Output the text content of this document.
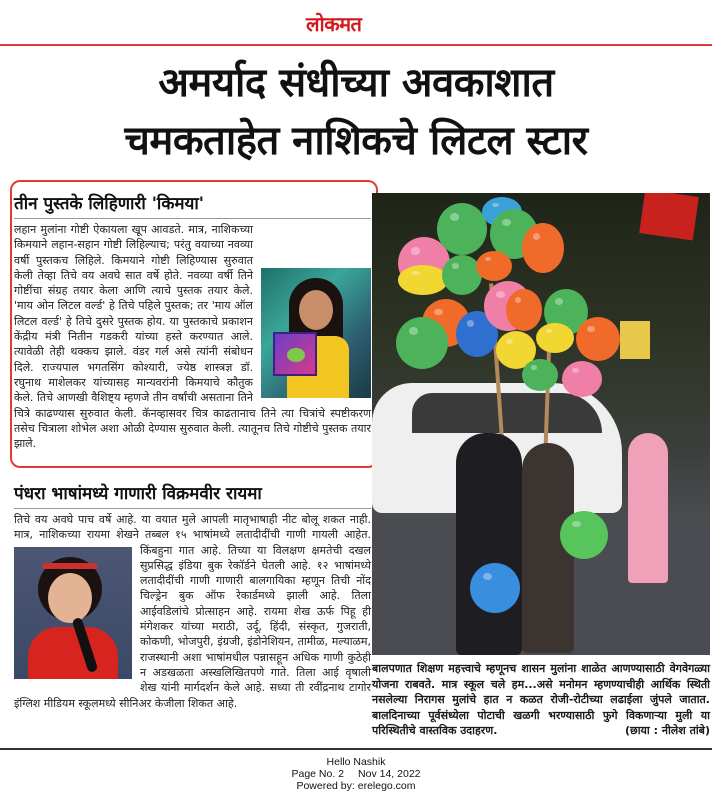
लोकमत
अमर्याद संधीच्या अवकाशात
चमकताहेत नाशिकचे लिटल स्टार
तीन पुस्तके लिहिणारी 'किमया'
लहान मुलांना गोष्टी ऐकायला खूप आवडते. मात्र, नाशिकच्या किमयाने लहान-सहान गोष्टी लिहिल्याच; परंतु वयाच्या नवव्या वर्षी पुस्तकच लिहिले. किमयाने गोष्टी लिहिण्यास सुरुवात केली तेव्हा तिचे वय अवघे सात वर्षे होते. नवव्या वर्षी तिने गोष्टींचा संग्रह तयार केला आणि त्याचे पुस्तक तयार केले. 'माय ओन लिटल वर्ल्ड' हे तिचे पहिले पुस्तक; तर 'माय ऑल लिटल वर्ल्ड' हे तिचे दुसरे पुस्तक होय. या पुस्तकाचे प्रकाशन केंद्रीय मंत्री नितीन गडकरी यांच्या हस्ते करण्यात आले. त्यावेळी तेही थक्कच झाले. वंडर गर्ल असे त्यांनी संबोधन दिले. राज्यपाल भगतसिंग कोश्यारी, ज्येष्ठ शास्त्रज्ञ डॉ. रघुनाथ माशेलकर यांच्यासह मान्यवरांनी किमयाचे कौतुक केले. तिचे आणखी वैशिष्ट्य म्हणजे तीन वर्षांची असताना तिने चित्रे काढण्यास सुरुवात केली. कॅनव्हासवर चित्र काढतानाच तिने त्या चित्रांचे स्पष्टीकरण तसेच चित्राला शोभेल अशा ओळी देण्यास सुरुवात केली. त्यातूनच तिचे गोष्टीचे पुस्तक तयार झाले.
पंधरा भाषांमध्ये गाणारी विक्रमवीर रायमा
तिचे वय अवघे पाच वर्षे आहे. या वयात मुले आपली मातृभाषाही नीट बोलू शकत नाही. मात्र, नाशिकच्या रायमा शेखने तब्बल १५ भाषांमध्ये लतादीदींची गाणी गायली आहेत. किंबहुना गात आहे. तिच्या या विलक्षण क्षमतेची दखल सुप्रसिद्ध इंडिया बुक रेकॉर्डने घेतली आहे. १२ भाषांमध्ये लतादीदींची गाणी गाणारी बालगायिका म्हणून तिची नोंद चिल्ड्रेन बुक ऑफ रेकार्डमध्ये झाली आहे. तिला आईवडिलांचे प्रोत्साहन आहे. रायमा शेख ऊर्फ पिहू ही मंगेशकर यांच्या मराठी, उर्दू, हिंदी, संस्कृत, गुजराती, कोकणी, भोजपुरी, इंग्रजी, इंडोनेशियन, तामीळ, मल्याळम, राजस्थानी अशा भाषांमधील पन्नासहून अधिक गाणी कुठेही न अडखळता अस्खलिखितपणे गाते. तिला आई वृषाली शेख यांनी मार्गदर्शन केले आहे. सध्या ती रवींद्रनाथ टागोर इंग्लिश मीडियम स्कूलमध्ये सीनिअर केजीला शिकत आहे.
बालपणात शिक्षण महत्त्वाचे म्हणूनच शासन मुलांना शाळेत आणण्यासाठी वेगवेगळ्या योजना राबवते. मात्र स्कूल चले हम...असे मनोमन म्हणण्याचीही आर्थिक स्थिती नसलेल्या निरागस मुलांचे हात न कळत रोजी-रोटीच्या लढाईला जुंपले जातात. बालदिनाच्या पूर्वसंध्येला पोटाची खळगी भरण्यासाठी फुगे विकणाऱ्या मुली या परिस्थितीचे वास्तविक उदाहरण.	(छाया : नीलेश तांबे)
Hello Nashik
Page No. 2 Nov 14, 2022
Powered by: erelego.com
